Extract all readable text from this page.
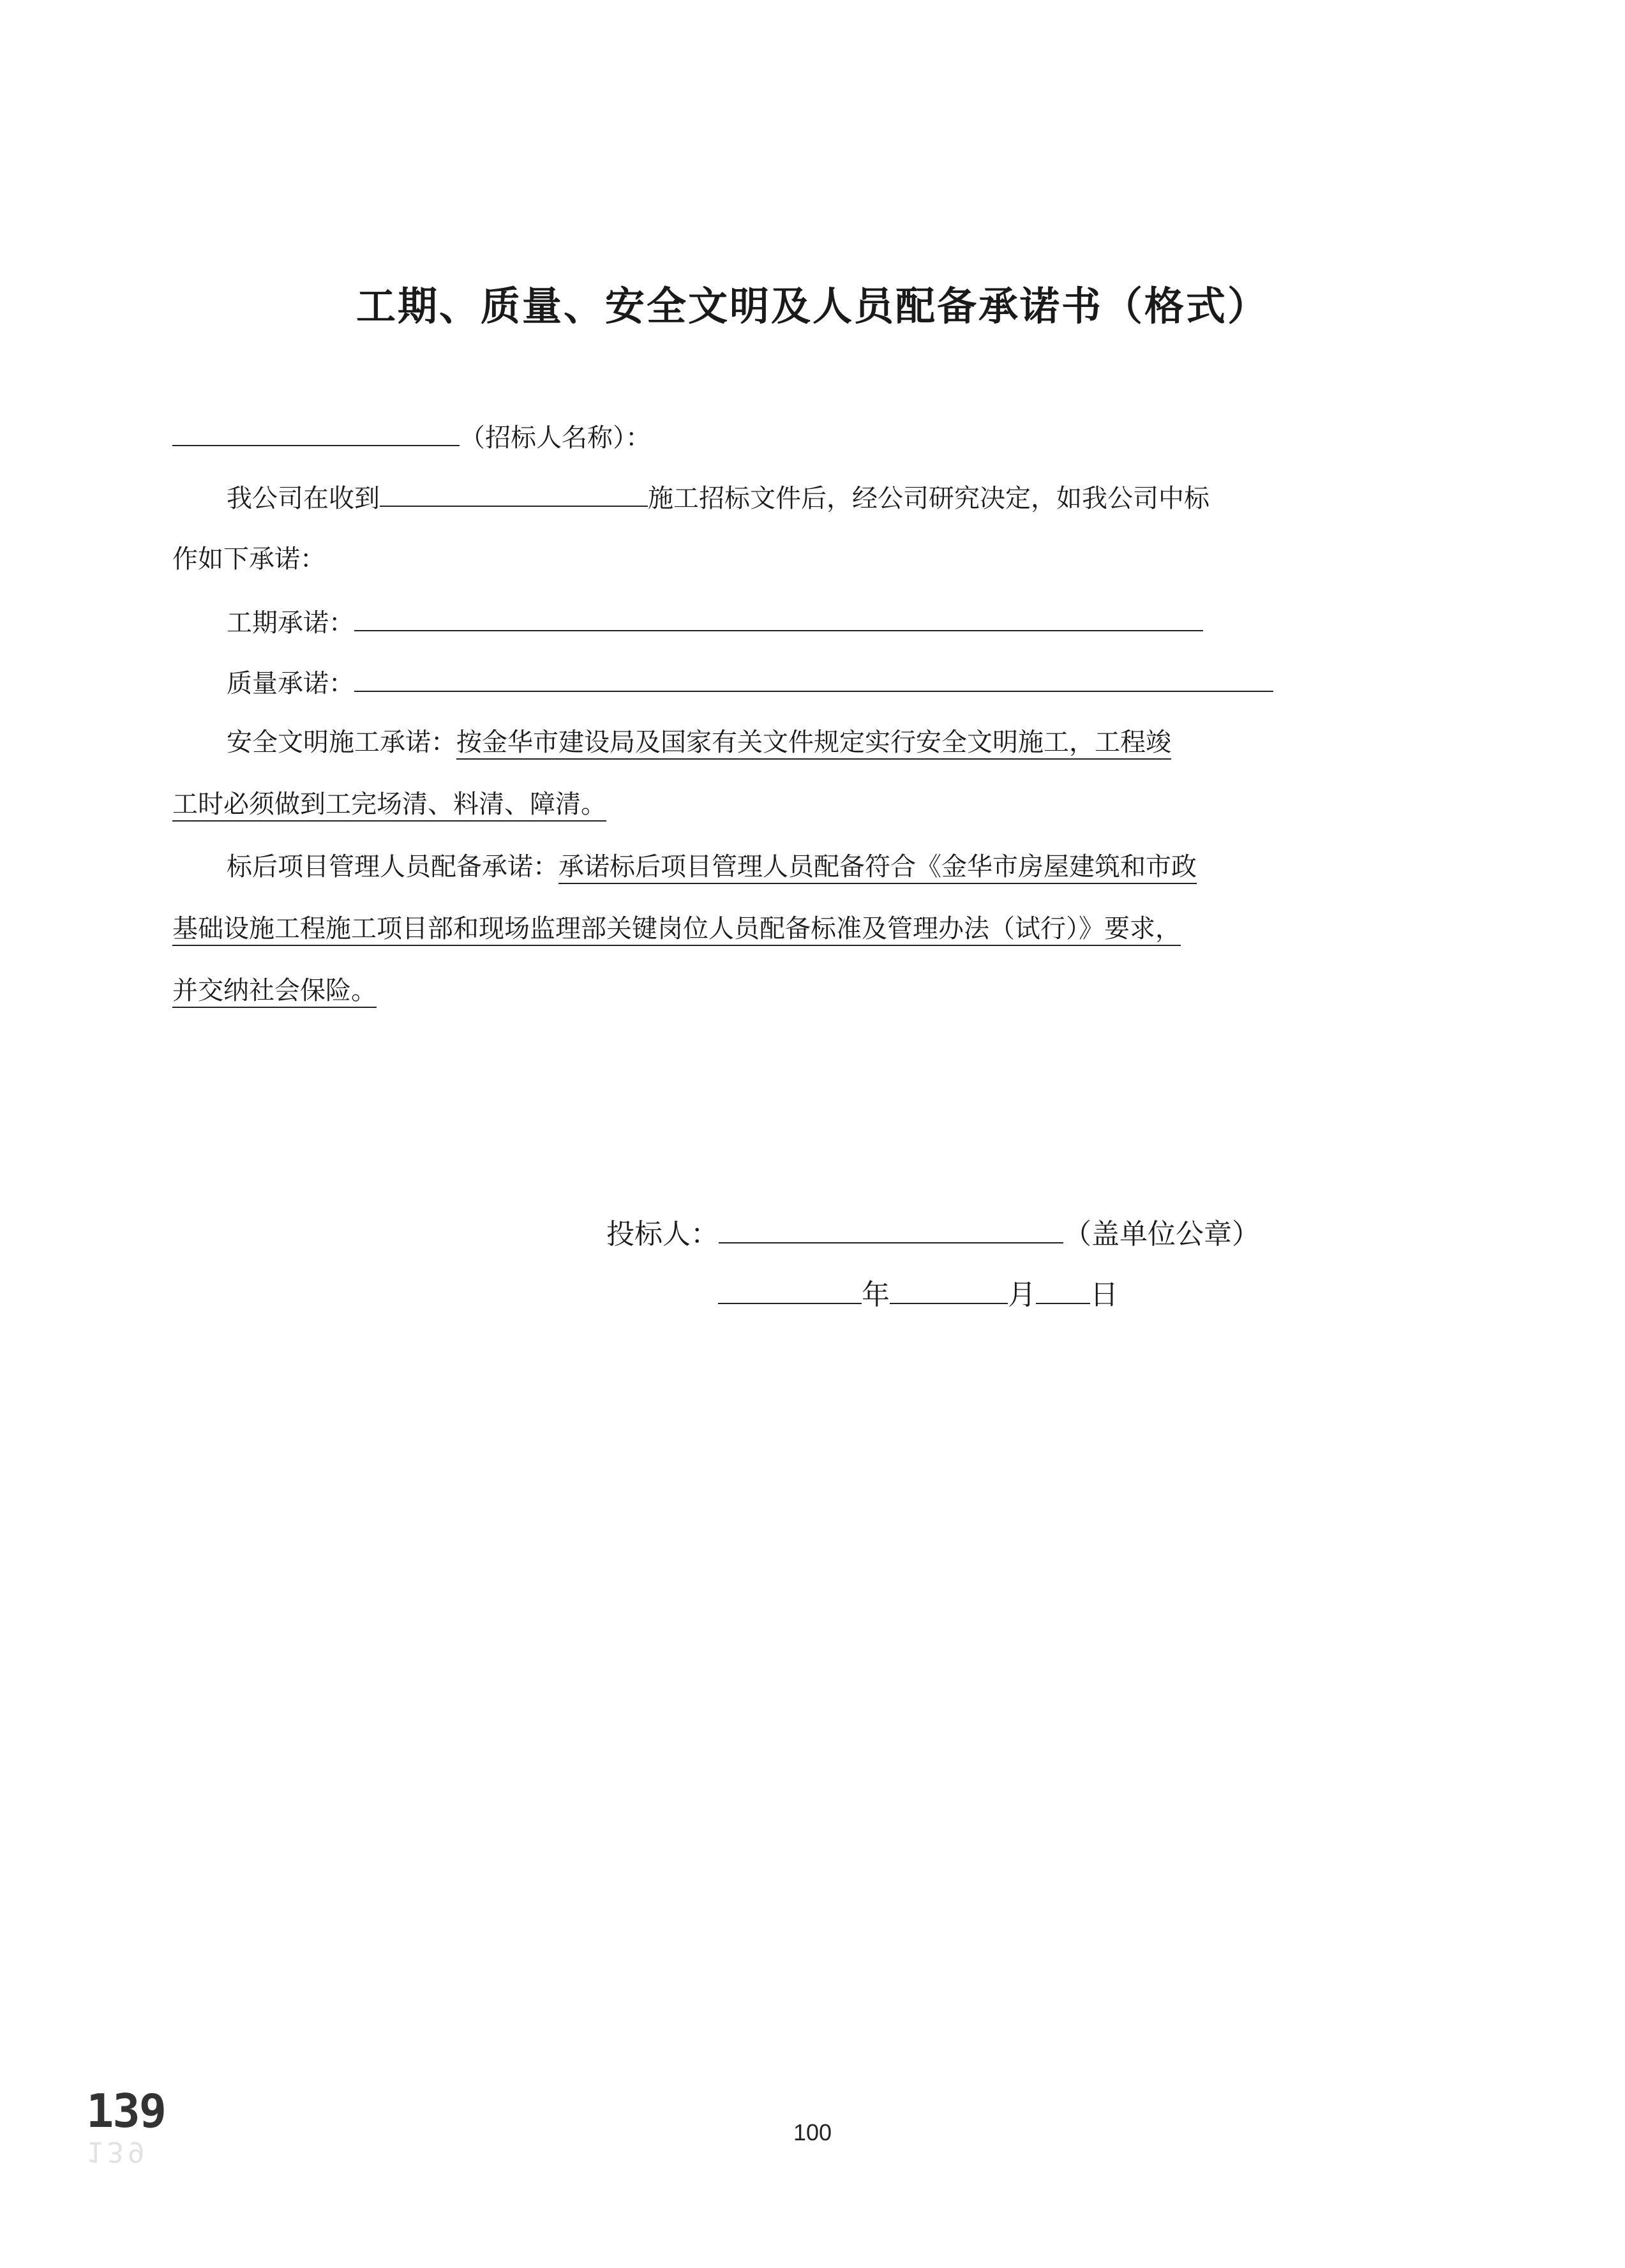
工期、质量、安全文明及人员配备承诺书（格式）
（招标人名称）：
我公司在收到	施工招标文件后，经公司研究决定，如我公司中标
作如下承诺：
工期承诺：
质量承诺：
安全文明施工承诺：按金华市建设局及国家有关文件规定实行安全文明施工，工程竣
工时必须做到工完场清、料清、障清。
标后项目管理人员配备承诺：承诺标后项目管理人员配备符合《金华市房屋建筑和市政
基础设施工程施工项目部和现场监理部关键岗位人员配备标准及管理办法（试行）》要求，
并交纳社会保险。
投标人：	（盖单位公章）
年	月 日
139
139
100
